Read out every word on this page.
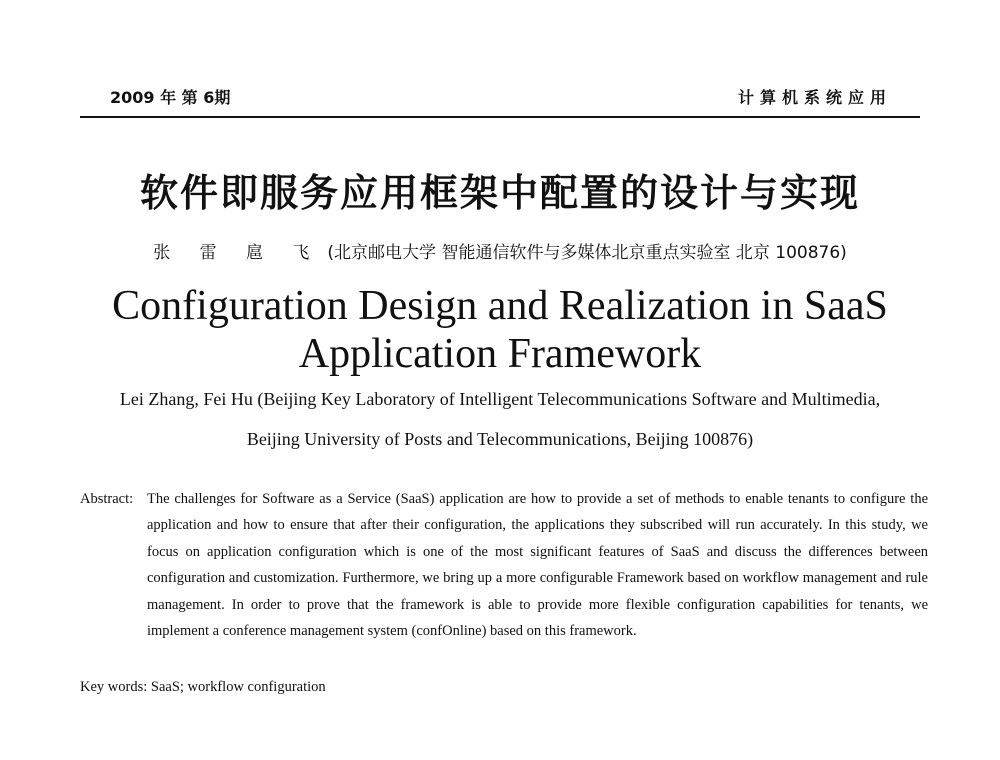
2009 年 第 6期	计算机系统应用
软件即服务应用框架中配置的设计与实现

张 雷 扈 飞 (北京邮电大学 智能通信软件与多媒体北京重点实验室 北京 100876)

Configuration Design and Realization in SaaS
Application Framework

Lei Zhang, Fei Hu (Beijing Key Laboratory of Intelligent Telecommunications Software and Multimedia,

Beijing University of Posts and Telecommunications, Beijing 100876)

Abstract: The challenges for Software as a Service (SaaS) application are how to provide a set of methods to enable tenants to configure the application and how to ensure that after their configuration, the applications they subscribed will run accurately. In this study, we focus on application configuration which is one of the most significant features of SaaS and discuss the differences between configuration and customization. Furthermore, we bring up a more configurable Framework based on workflow management and rule management. In order to prove that the framework is able to provide more flexible configuration capabilities for tenants, we implement a conference management system (confOnline) based on this framework.
Key words: SaaS; workflow configuration
